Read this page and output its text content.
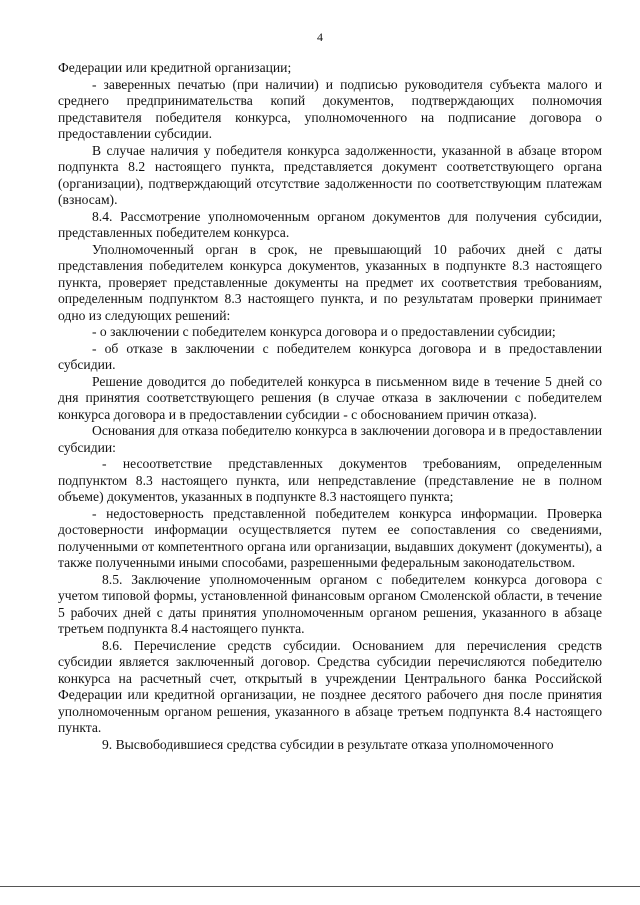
4

Федерации или кредитной организации;

- заверенных печатью (при наличии) и подписью руководителя субъекта малого и среднего предпринимательства копий документов, подтверждающих полномочия представителя победителя конкурса, уполномоченного на подписание договора о предоставлении субсидии.

В случае наличия у победителя конкурса задолженности, указанной в абзаце втором подпункта 8.2 настоящего пункта, представляется документ соответствующего органа (организации), подтверждающий отсутствие задолженности по соответствующим платежам (взносам).

8.4. Рассмотрение уполномоченным органом документов для получения субсидии, представленных победителем конкурса.

Уполномоченный орган в срок, не превышающий 10 рабочих дней с даты представления победителем конкурса документов, указанных в подпункте 8.3 настоящего пункта, проверяет представленные документы на предмет их соответствия требованиям, определенным подпунктом 8.3 настоящего пункта, и по результатам проверки принимает одно из следующих решений:

- о заключении с победителем конкурса договора и о предоставлении субсидии;

- об отказе в заключении с победителем конкурса договора и в предоставлении субсидии.

Решение доводится до победителей конкурса в письменном виде в течение 5 дней со дня принятия соответствующего решения (в случае отказа в заключении с победителем конкурса договора и в предоставлении субсидии - с обоснованием причин отказа).

Основания для отказа победителю конкурса в заключении договора и в предоставлении субсидии:

- несоответствие представленных документов требованиям, определенным подпунктом 8.3 настоящего пункта, или непредставление (представление не в полном объеме) документов, указанных в подпункте 8.3 настоящего пункта;

- недостоверность представленной победителем конкурса информации. Проверка достоверности информации осуществляется путем ее сопоставления со сведениями, полученными от компетентного органа или организации, выдавших документ (документы), а также полученными иными способами, разрешенными федеральным законодательством.

8.5. Заключение уполномоченным органом с победителем конкурса договора с учетом типовой формы, установленной финансовым органом Смоленской области, в течение 5 рабочих дней с даты принятия уполномоченным органом решения, указанного в абзаце третьем подпункта 8.4 настоящего пункта.

8.6. Перечисление средств субсидии. Основанием для перечисления средств субсидии является заключенный договор. Средства субсидии перечисляются победителю конкурса на расчетный счет, открытый в учреждении Центрального банка Российской Федерации или кредитной организации, не позднее десятого рабочего дня после принятия уполномоченным органом решения, указанного в абзаце третьем подпункта 8.4 настоящего пункта.

9. Высвободившиеся средства субсидии в результате отказа уполномоченного
